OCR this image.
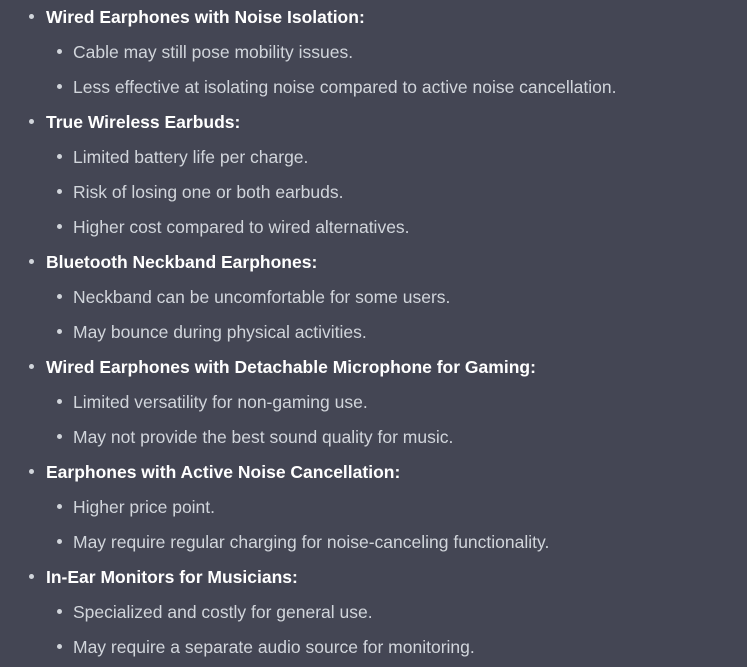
Wired Earphones with Noise Isolation:
Cable may still pose mobility issues.
Less effective at isolating noise compared to active noise cancellation.
True Wireless Earbuds:
Limited battery life per charge.
Risk of losing one or both earbuds.
Higher cost compared to wired alternatives.
Bluetooth Neckband Earphones:
Neckband can be uncomfortable for some users.
May bounce during physical activities.
Wired Earphones with Detachable Microphone for Gaming:
Limited versatility for non-gaming use.
May not provide the best sound quality for music.
Earphones with Active Noise Cancellation:
Higher price point.
May require regular charging for noise-canceling functionality.
In-Ear Monitors for Musicians:
Specialized and costly for general use.
May require a separate audio source for monitoring.
